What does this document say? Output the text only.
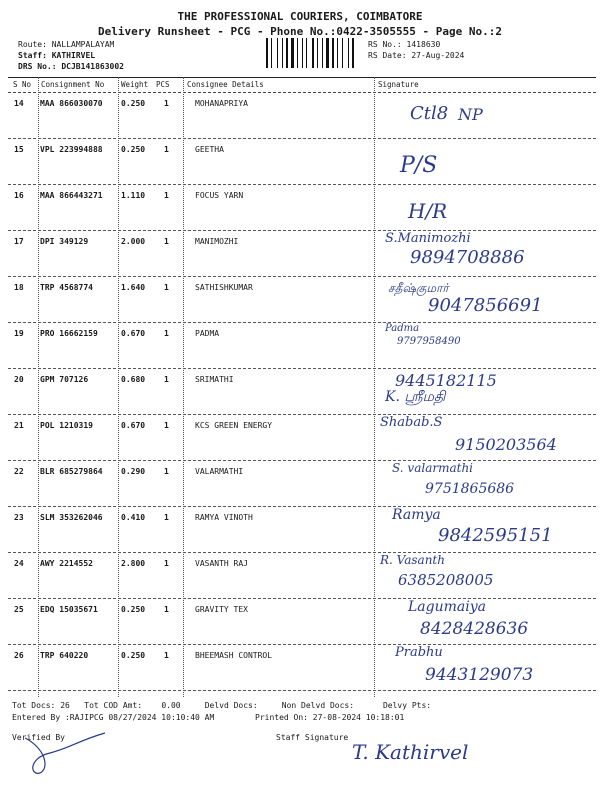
THE PROFESSIONAL COURIERS, COIMBATORE
Delivery Runsheet - PCG - Phone No.:0422-3505555 - Page No.:2
Route: NALLAMPALAYAM
Staff: KATHIRVEL
DRS No.: DCJB141863002
RS No.: 1418630
RS Date: 27-Aug-2024
S No Consignment No Weight PCS Consignee Details	Signature
14 MAA 866030070 0.250 1	MOHANAPRIYA	Ctl8 NP
15 VPL 223994888 0.250 1	GEETHA
P/S
16 MAA 866443271 1.110 1	FOCUS YARN
H/R
17 DPI 349129	2.000 1	MANIMOZHI	S.Manimozhi
9894708886
18 TRP 4568774	1.640 1	SATHISHKUMAR	சதீஷ்குமார்
9047856691
19 PRO 16662159	0.670 1	PADMA	Padma
9797958490
20 GPM 707126	0.680 1	SRIMATHI	9445182115
K. ஸ்ரீமதி
21 POL 1210319	0.670 1	KCS GREEN ENERGY	Shabab.S
9150203564
22 BLR 685279864 0.290 1	VALARMATHI	S. valarmathi
9751865686
23 SLM 353262046 0.410 1	RAMYA VINOTH	Ramya
9842595151
24 AWY 2214552	2.800 1	VASANTH RAJ	R. Vasanth
6385208005
25 EDQ 15035671	0.250 1	GRAVITY TEX	Lagumaiya
8428428636
26 TRP 640220	0.250 1	BHEEMASH CONTROL	Prabhu
9443129073
Tot Docs: 26 Tot COD Amt: 0.00	Delvd Docs:	Non Delvd Docs:	Delvy Pts:
Entered By :RAJIPCG 08/27/2024 10:10:40 AM	Printed On: 27-08-2024 10:18:01
Verified By	Staff Signature
T. Kathirvel
